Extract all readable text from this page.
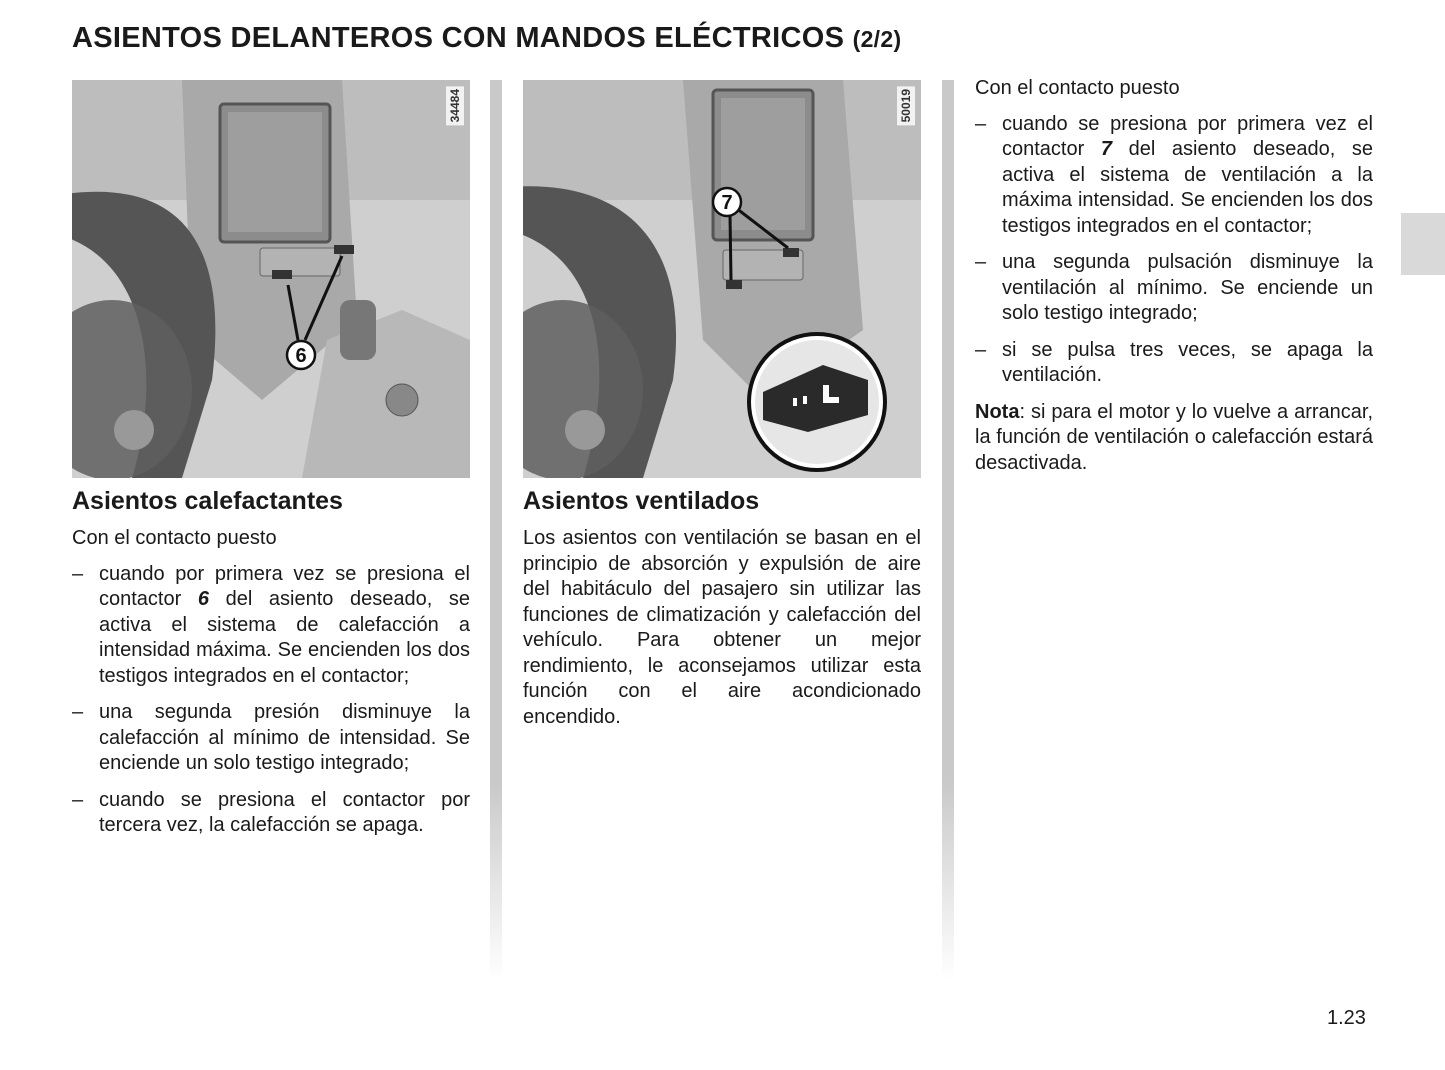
ASIENTOS DELANTEROS CON MANDOS ELÉCTRICOS (2/2)
6
34484
Asientos calefactantes

Con el contacto puesto

– cuando por primera vez se presiona el contactor 6 del asiento deseado, se activa el sistema de calefacción a intensidad máxima. Se encienden los dos testigos integrados en el contactor;
– una segunda presión disminuye la calefacción al mínimo de intensidad. Se enciende un solo testigo integrado;
– cuando se presiona el contactor por tercera vez, la calefacción se apaga.
7
50019
Asientos ventilados

Los asientos con ventilación se basan en el principio de absorción y expulsión de aire del habitáculo del pasajero sin utilizar las funciones de climatización y calefacción del vehículo. Para obtener un mejor rendimiento, le aconsejamos utilizar esta función con el aire acondicionado encendido.

Con el contacto puesto

– cuando se presiona por primera vez el contactor 7 del asiento deseado, se activa el sistema de ventilación a la máxima intensidad. Se encienden los dos testigos integrados en el contactor;
– una segunda pulsación disminuye la ventilación al mínimo. Se enciende un solo testigo integrado;
– si se pulsa tres veces, se apaga la ventilación.

Nota: si para el motor y lo vuelve a arrancar, la función de ventilación o calefacción estará desactivada.

1.23
